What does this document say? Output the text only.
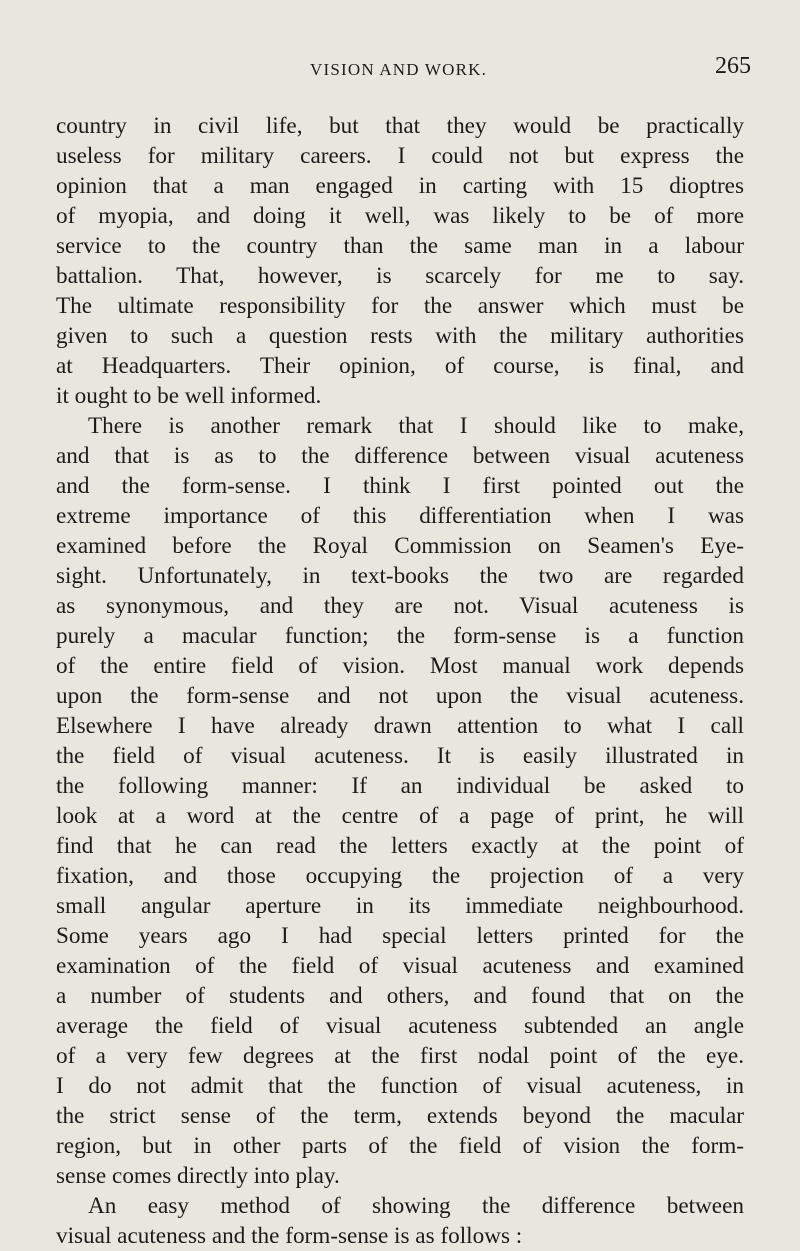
VISION AND WORK.	265
country in civil life, but that they would be practically
useless for military careers. I could not but express the
opinion that a man engaged in carting with 15 dioptres
of myopia, and doing it well, was likely to be of more
service to the country than the same man in a labour
battalion. That, however, is scarcely for me to say.
The ultimate responsibility for the answer which must be
given to such a question rests with the military authorities
at Headquarters. Their opinion, of course, is final, and
it ought to be well informed.
There is another remark that I should like to make,
and that is as to the difference between visual acuteness
and the form-sense. I think I first pointed out the
extreme importance of this differentiation when I was
examined before the Royal Commission on Seamen's Eye-
sight. Unfortunately, in text-books the two are regarded
as synonymous, and they are not. Visual acuteness is
purely a macular function; the form-sense is a function
of the entire field of vision. Most manual work depends
upon the form-sense and not upon the visual acuteness.
Elsewhere I have already drawn attention to what I call
the field of visual acuteness. It is easily illustrated in
the following manner: If an individual be asked to
look at a word at the centre of a page of print, he will
find that he can read the letters exactly at the point of
fixation, and those occupying the projection of a very
small angular aperture in its immediate neighbourhood.
Some years ago I had special letters printed for the
examination of the field of visual acuteness and examined
a number of students and others, and found that on the
average the field of visual acuteness subtended an angle
of a very few degrees at the first nodal point of the eye.
I do not admit that the function of visual acuteness, in
the strict sense of the term, extends beyond the macular
region, but in other parts of the field of vision the form-
sense comes directly into play.
An easy method of showing the difference between
visual acuteness and the form-sense is as follows :
